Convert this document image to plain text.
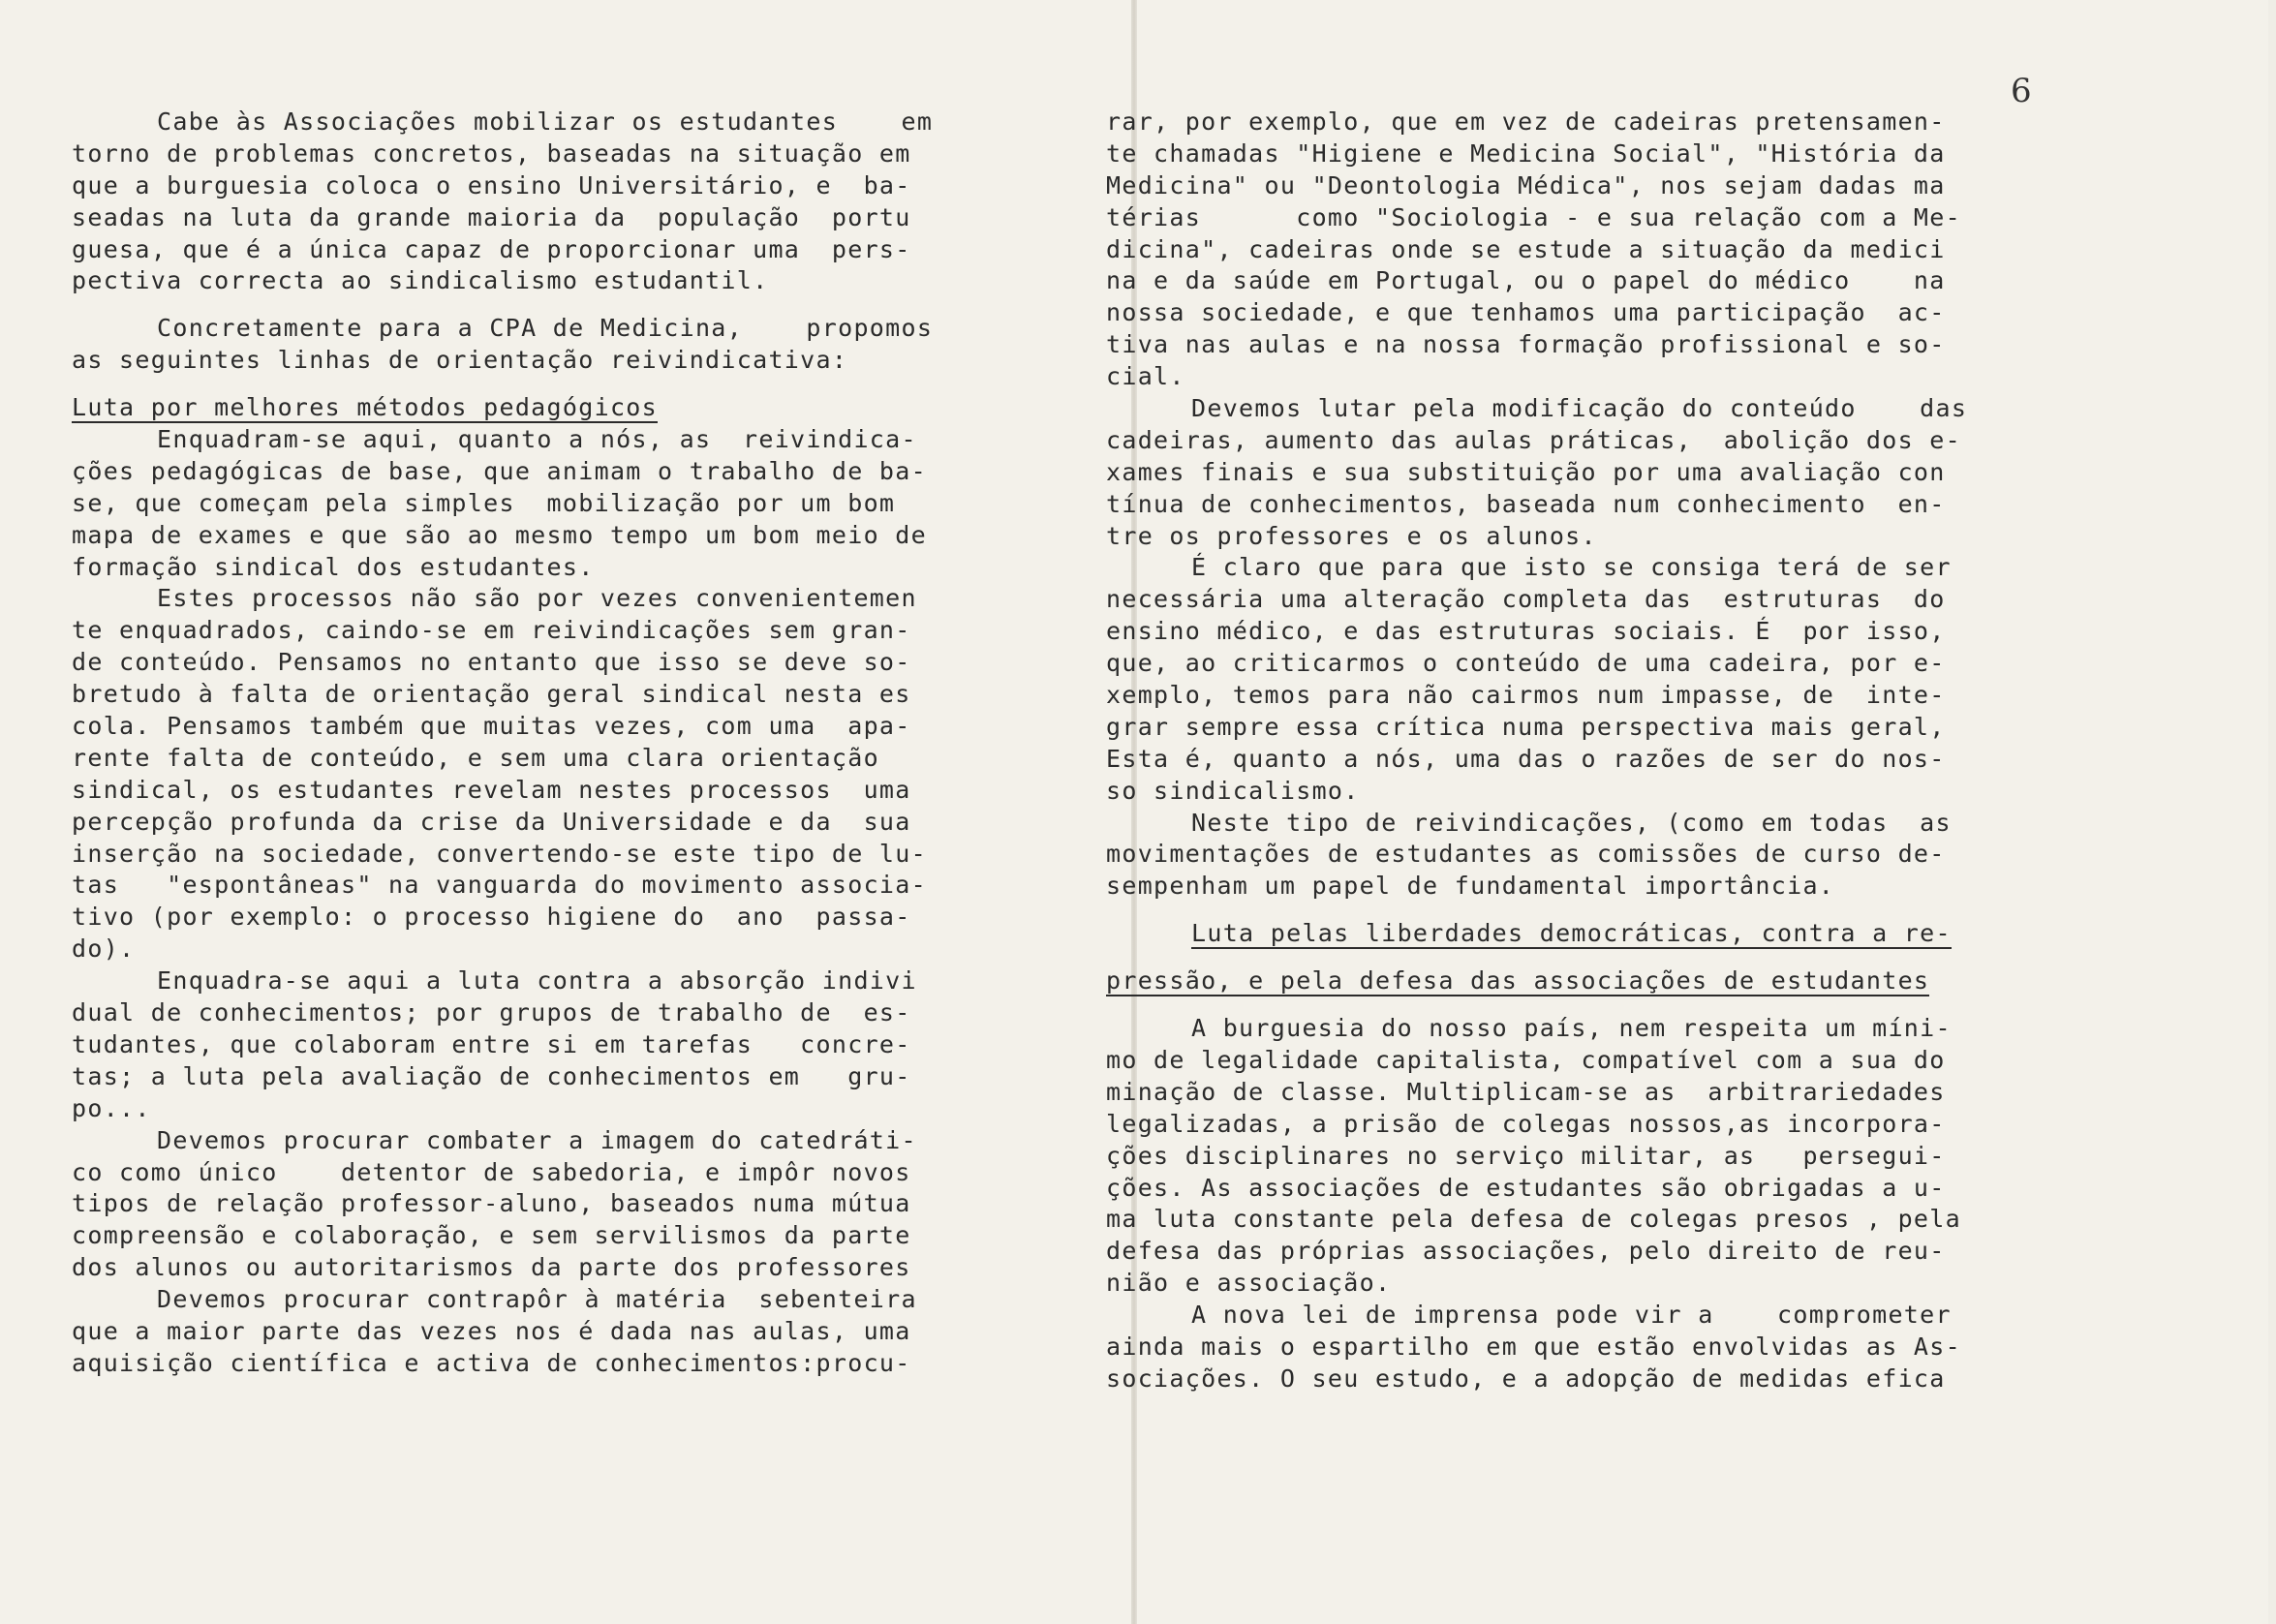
6
Cabe às Associações mobilizar os estudantes    em
torno de problemas concretos, baseadas na situação em
que a burguesia coloca o ensino Universitário, e  ba-
seadas na luta da grande maioria da  população  portu
guesa, que é a única capaz de proporcionar uma  pers-
pectiva correcta ao sindicalismo estudantil.
Concretamente para a CPA de Medicina,    propomos
as seguintes linhas de orientação reivindicativa:
Luta por melhores métodos pedagógicos
Enquadram-se aqui, quanto a nós, as  reivindica-
ções pedagógicas de base, que animam o trabalho de ba-
se, que começam pela simples  mobilização por um bom
mapa de exames e que são ao mesmo tempo um bom meio de
formação sindical dos estudantes.
Estes processos não são por vezes convenientemen
te enquadrados, caindo-se em reivindicações sem gran-
de conteúdo. Pensamos no entanto que isso se deve so-
bretudo à falta de orientação geral sindical nesta es
cola. Pensamos também que muitas vezes, com uma  apa-
rente falta de conteúdo, e sem uma clara orientação
sindical, os estudantes revelam nestes processos  uma
percepção profunda da crise da Universidade e da  sua
inserção na sociedade, convertendo-se este tipo de lu-
tas   "espontâneas" na vanguarda do movimento associa-
tivo (por exemplo: o processo higiene do  ano  passa-
do).
Enquadra-se aqui a luta contra a absorção indivi
dual de conhecimentos; por grupos de trabalho de  es-
tudantes, que colaboram entre si em tarefas   concre-
tas; a luta pela avaliação de conhecimentos em   gru-
po...
Devemos procurar combater a imagem do catedráti-
co como único    detentor de sabedoria, e impôr novos
tipos de relação professor-aluno, baseados numa mútua
compreensão e colaboração, e sem servilismos da parte
dos alunos ou autoritarismos da parte dos professores
Devemos procurar contrapôr à matéria  sebenteira
que a maior parte das vezes nos é dada nas aulas, uma
aquisição científica e activa de conhecimentos:procu-
rar, por exemplo, que em vez de cadeiras pretensamen-
te chamadas "Higiene e Medicina Social", "História da
Medicina" ou "Deontologia Médica", nos sejam dadas ma
térias      como "Sociologia - e sua relação com a Me-
dicina", cadeiras onde se estude a situação da medici
na e da saúde em Portugal, ou o papel do médico    na
nossa sociedade, e que tenhamos uma participação  ac-
tiva nas aulas e na nossa formação profissional e so-
cial.
Devemos lutar pela modificação do conteúdo    das
cadeiras, aumento das aulas práticas,  abolição dos e-
xames finais e sua substituição por uma avaliação con
tínua de conhecimentos, baseada num conhecimento  en-
tre os professores e os alunos.
É claro que para que isto se consiga terá de ser
necessária uma alteração completa das  estruturas  do
ensino médico, e das estruturas sociais. É  por isso,
que, ao criticarmos o conteúdo de uma cadeira, por e-
xemplo, temos para não cairmos num impasse, de  inte-
grar sempre essa crítica numa perspectiva mais geral,
Esta é, quanto a nós, uma das o razões de ser do nos-
so sindicalismo.
Neste tipo de reivindicações, (como em todas  as
movimentações de estudantes as comissões de curso de-
sempenham um papel de fundamental importância.
Luta pelas liberdades democráticas, contra a re-
pressão, e pela defesa das associações de estudantes
A burguesia do nosso país, nem respeita um míni-
mo de legalidade capitalista, compatível com a sua do
minação de classe. Multiplicam-se as  arbitrariedades
legalizadas, a prisão de colegas nossos,as incorpora-
ções disciplinares no serviço militar, as   persegui-
ções. As associações de estudantes são obrigadas a u-
ma luta constante pela defesa de colegas presos , pela
defesa das próprias associações, pelo direito de reu-
nião e associação.
A nova lei de imprensa pode vir a    comprometer
ainda mais o espartilho em que estão envolvidas as As-
sociações. O seu estudo, e a adopção de medidas efica
